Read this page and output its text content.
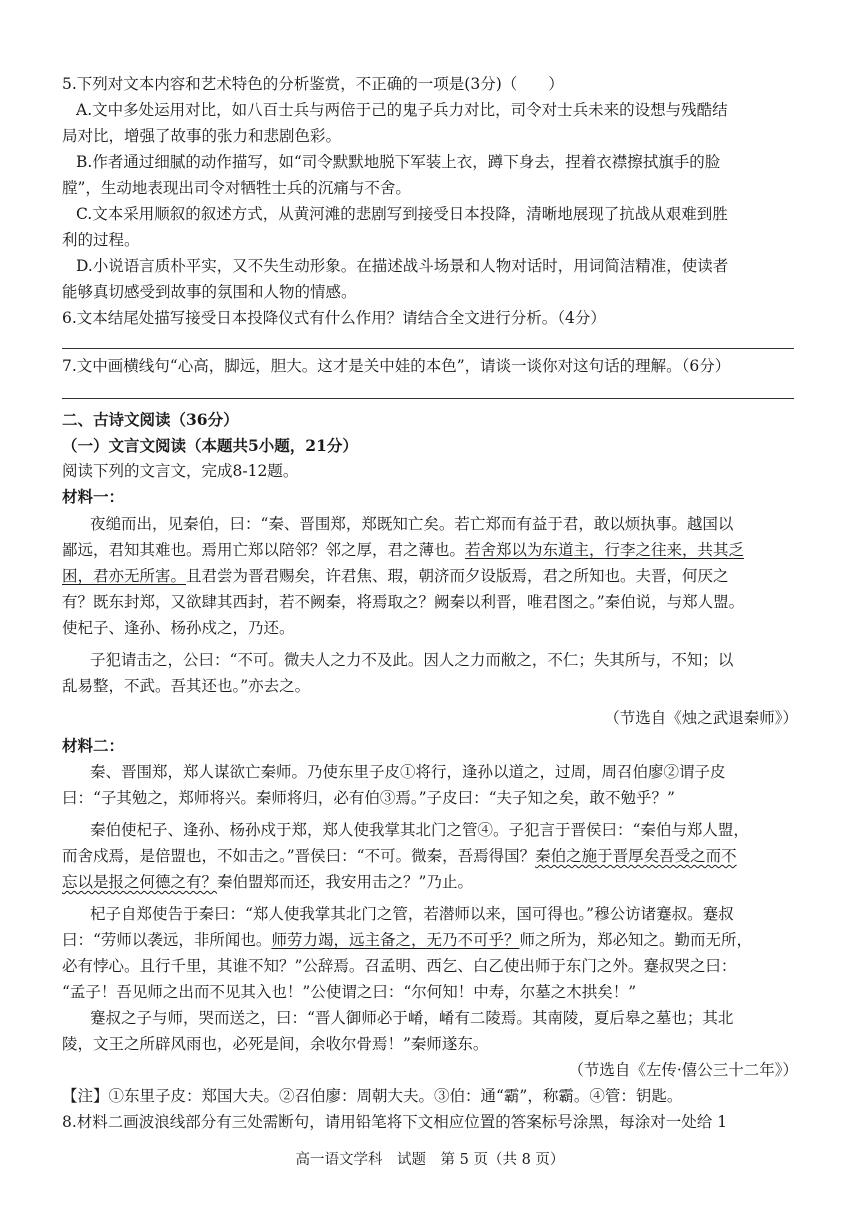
5.下列对文本内容和艺术特色的分析鉴赏，不正确的一项是(3分)（　　）
A.文中多处运用对比，如八百士兵与两倍于己的鬼子兵力对比，司令对士兵未来的设想与残酷结
局对比，增强了故事的张力和悲剧色彩。
B.作者通过细腻的动作描写，如“司令默默地脱下军装上衣，蹲下身去，捏着衣襟擦拭旗手的脸
膛”，生动地表现出司令对牺牲士兵的沉痛与不舍。
C.文本采用顺叙的叙述方式，从黄河滩的悲剧写到接受日本投降，清晰地展现了抗战从艰难到胜
利的过程。
D.小说语言质朴平实，又不失生动形象。在描述战斗场景和人物对话时，用词简洁精准，使读者
能够真切感受到故事的氛围和人物的情感。
6.文本结尾处描写接受日本投降仪式有什么作用？请结合全文进行分析。（4分）
7.文中画横线句“心高，脚远，胆大。这才是关中娃的本色”，请谈一谈你对这句话的理解。（6分）
二、古诗文阅读（36分）
（一）文言文阅读（本题共5小题，21分）
阅读下列的文言文，完成8-12题。
材料一：
夜缒而出，见秦伯，曰：“秦、晋围郑，郑既知亡矣。若亡郑而有益于君，敢以烦执事。越国以
鄙远，君知其难也。焉用亡郑以陪邻？邻之厚，君之薄也。若舍郑以为东道主，行李之往来，共其乏
困，君亦无所害。且君尝为晋君赐矣，许君焦、瑕，朝济而夕设版焉，君之所知也。夫晋，何厌之
有？既东封郑，又欲肆其西封，若不阙秦，将焉取之？阙秦以利晋，唯君图之。”秦伯说，与郑人盟。
使杞子、逢孙、杨孙戍之，乃还。
子犯请击之，公曰：“不可。微夫人之力不及此。因人之力而敝之，不仁；失其所与，不知；以
乱易整，不武。吾其还也。”亦去之。
（节选自《烛之武退秦师》）
材料二：
秦、晋围郑，郑人谋欲亡秦师。乃使东里子皮①将行，逢孙以道之，过周，周召伯廖②谓子皮
曰：“子其勉之，郑师将兴。秦师将归，必有伯③焉。”子皮曰：“夫子知之矣，敢不勉乎？”
秦伯使杞子、逢孙、杨孙戍于郑，郑人使我掌其北门之管④。子犯言于晋侯曰：“秦伯与郑人盟，
而舍戍焉，是倍盟也，不如击之。”晋侯曰：“不可。微秦，吾焉得国？秦伯之施于晋厚矣吾受之而不
忘以是报之何德之有？秦伯盟郑而还，我安用击之？”乃止。
杞子自郑使告于秦曰：“郑人使我掌其北门之管，若潜师以来，国可得也。”穆公访诸蹇叔。蹇叔
曰：“劳师以袭远，非所闻也。师劳力竭，远主备之，无乃不可乎？师之所为，郑必知之。勤而无所，
必有悖心。且行千里，其谁不知？”公辞焉。召孟明、西乞、白乙使出师于东门之外。蹇叔哭之曰：
“孟子！吾见师之出而不见其入也！”公使谓之曰：“尔何知！中寿，尔墓之木拱矣！”
蹇叔之子与师，哭而送之，曰：“晋人御师必于崤，崤有二陵焉。其南陵，夏后皋之墓也；其北
陵，文王之所辟风雨也，必死是间，余收尔骨焉！”秦师遂东。
（节选自《左传·僖公三十二年》）
【注】①东里子皮：郑国大夫。②召伯廖：周朝大夫。③伯：通“霸”，称霸。④管：钥匙。
8.材料二画波浪线部分有三处需断句，请用铅笔将下文相应位置的答案标号涂黑，每涂对一处给 1
高一语文学科　试题　第 5 页（共 8 页）
